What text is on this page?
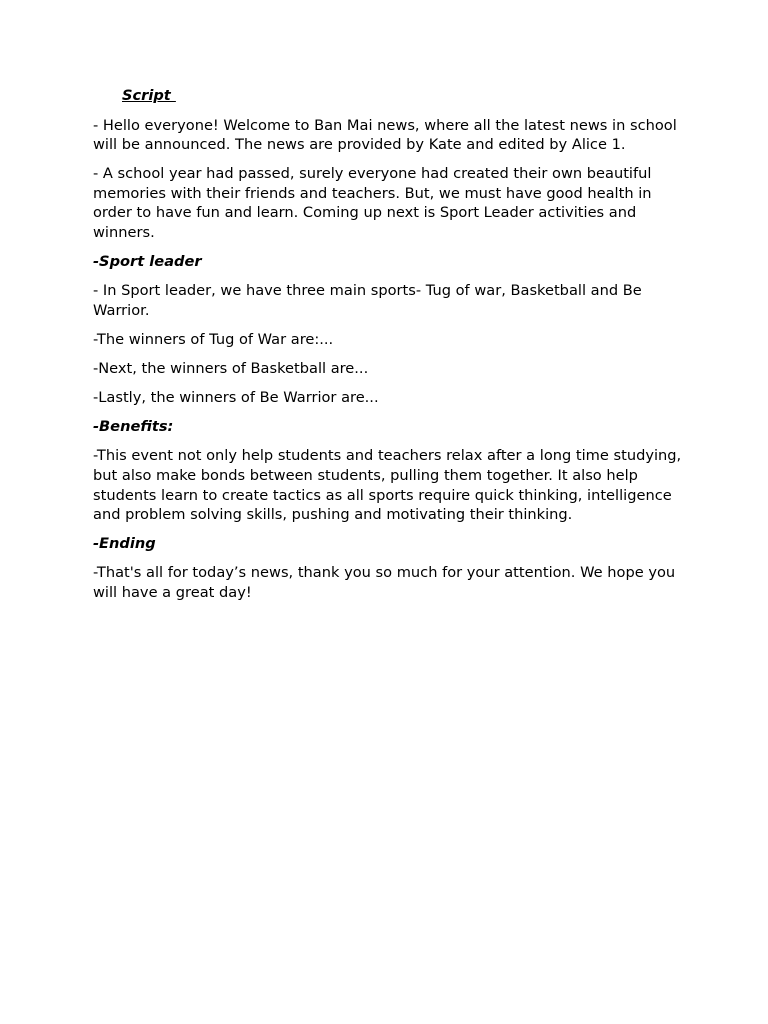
Script

- Hello everyone! Welcome to Ban Mai news, where all the latest news in school will be announced. The news are provided by Kate and edited by Alice 1.

- A school year had passed, surely everyone had created their own beautiful memories with their friends and teachers. But, we must have good health in order to have fun and learn. Coming up next is Sport Leader activities and winners.

-Sport leader

- In Sport leader, we have three main sports- Tug of war, Basketball and Be Warrior.

-The winners of Tug of War are:...

-Next, the winners of Basketball are...

-Lastly, the winners of Be Warrior are...

-Benefits:

-This event not only help students and teachers relax after a long time studying, but also make bonds between students, pulling them together. It also help students learn to create tactics as all sports require quick thinking, intelligence and problem solving skills, pushing and motivating their thinking.

-Ending

-That's all for today’s news, thank you so much for your attention. We hope you will have a great day!
